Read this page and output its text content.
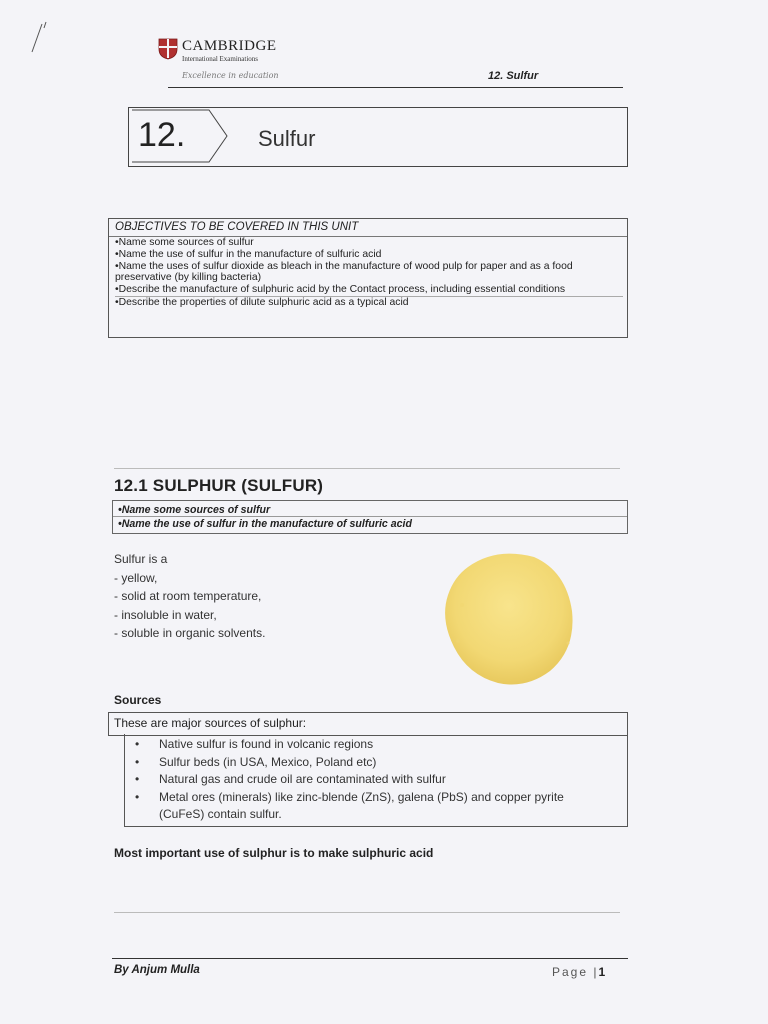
CAMBRIDGE
International Examinations
Excellence in education	12. Sulfur
12.	Sulfur
OBJECTIVES TO BE COVERED IN THIS UNIT
• Name some sources of sulfur
• Name the use of sulfur in the manufacture of sulfuric acid
• Name the uses of sulfur dioxide as bleach in the manufacture of wood pulp for paper and as a food preservative (by killing bacteria)
• Describe the manufacture of sulphuric acid by the Contact process, including essential conditions
• Describe the properties of dilute sulphuric acid as a typical acid
12.1 SULPHUR (SULFUR)
• Name some sources of sulfur
• Name the use of sulfur in the manufacture of sulfuric acid
Sulfur is a
- yellow,
- solid at room temperature,
- insoluble in water,
- soluble in organic solvents.
Sources
These are major sources of sulphur:
• Native sulfur is found in volcanic regions
• Sulfur beds (in USA, Mexico, Poland etc)
• Natural gas and crude oil are contaminated with sulfur
• Metal ores (minerals) like zinc-blende (ZnS), galena (PbS) and copper pyrite
(CuFeS) contain sulfur.
Most important use of sulphur is to make sulphuric acid
By Anjum Mulla	Page |1
